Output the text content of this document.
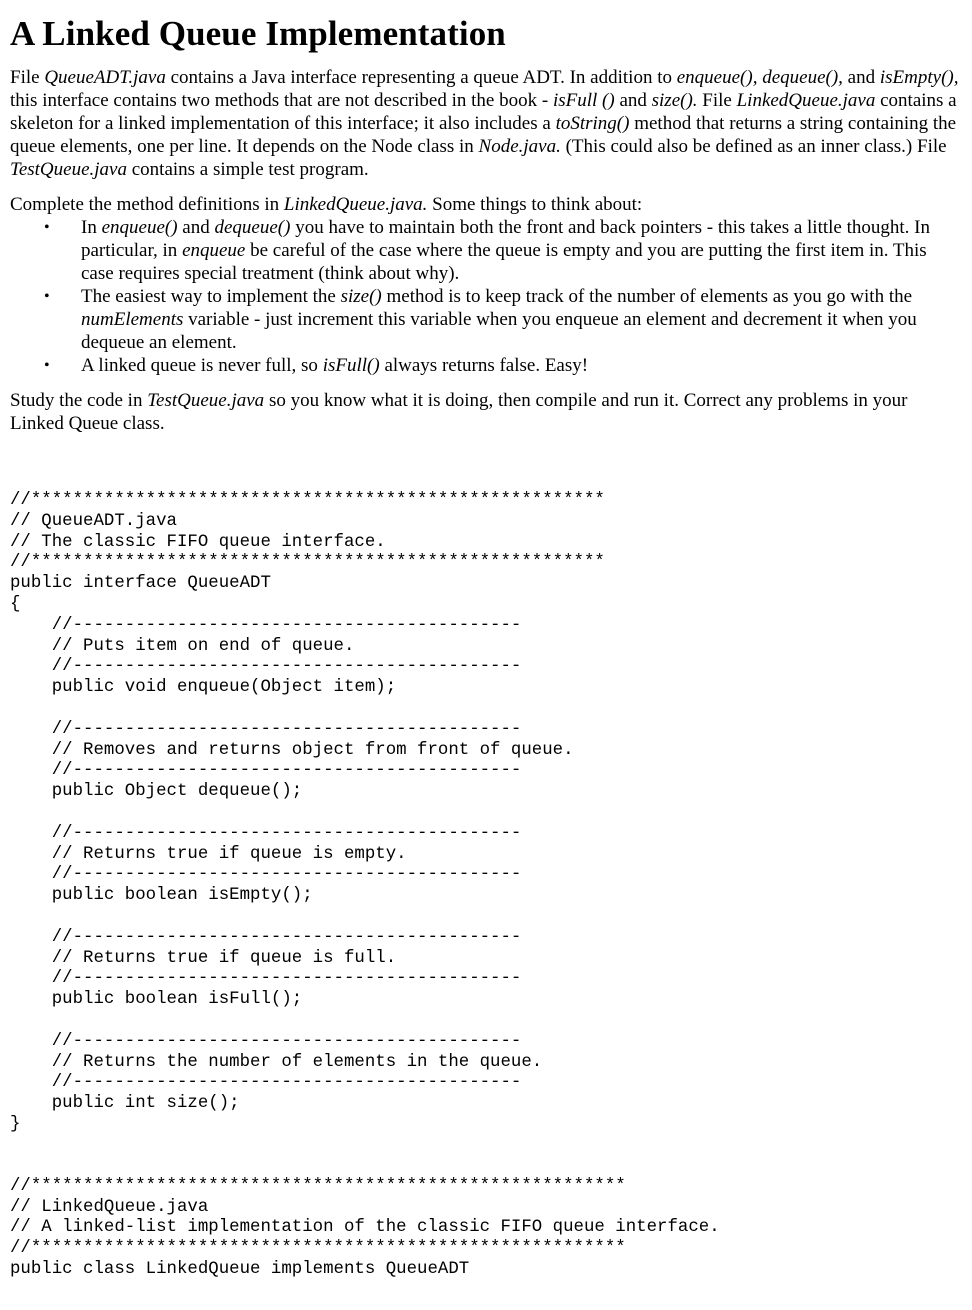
A Linked Queue Implementation

File QueueADT.java contains a Java interface representing a queue ADT. In addition to enqueue(), dequeue(), and isEmpty(), this interface contains two methods that are not described in the book - isFull () and size(). File LinkedQueue.java contains a skeleton for a linked implementation of this interface; it also includes a toString() method that returns a string containing the queue elements, one per line. It depends on the Node class in Node.java. (This could also be defined as an inner class.) File TestQueue.java contains a simple test program.

Complete the method definitions in LinkedQueue.java. Some things to think about:

• In enqueue() and dequeue() you have to maintain both the front and back pointers - this takes a little thought. In particular, in enqueue be careful of the case where the queue is empty and you are putting the first item in. This case requires special treatment (think about why).
• The easiest way to implement the size() method is to keep track of the number of elements as you go with the numElements variable - just increment this variable when you enqueue an element and decrement it when you dequeue an element.
• A linked queue is never full, so isFull() always returns false. Easy!

Study the code in TestQueue.java so you know what it is doing, then compile and run it. Correct any problems in your Linked Queue class.

//*******************************************************
// QueueADT.java
// The classic FIFO queue interface.
//*******************************************************
public interface QueueADT
{
//-------------------------------------------
// Puts item on end of queue.
//-------------------------------------------
public void enqueue(Object item);

//-------------------------------------------
// Removes and returns object from front of queue.
//-------------------------------------------
public Object dequeue();

//-------------------------------------------
// Returns true if queue is empty.
//-------------------------------------------
public boolean isEmpty();

//-------------------------------------------
// Returns true if queue is full.
//-------------------------------------------
public boolean isFull();

//-------------------------------------------
// Returns the number of elements in the queue.
//-------------------------------------------
public int size();
}
//*********************************************************
// LinkedQueue.java
// A linked-list implementation of the classic FIFO queue interface.
//*********************************************************
public class LinkedQueue implements QueueADT
